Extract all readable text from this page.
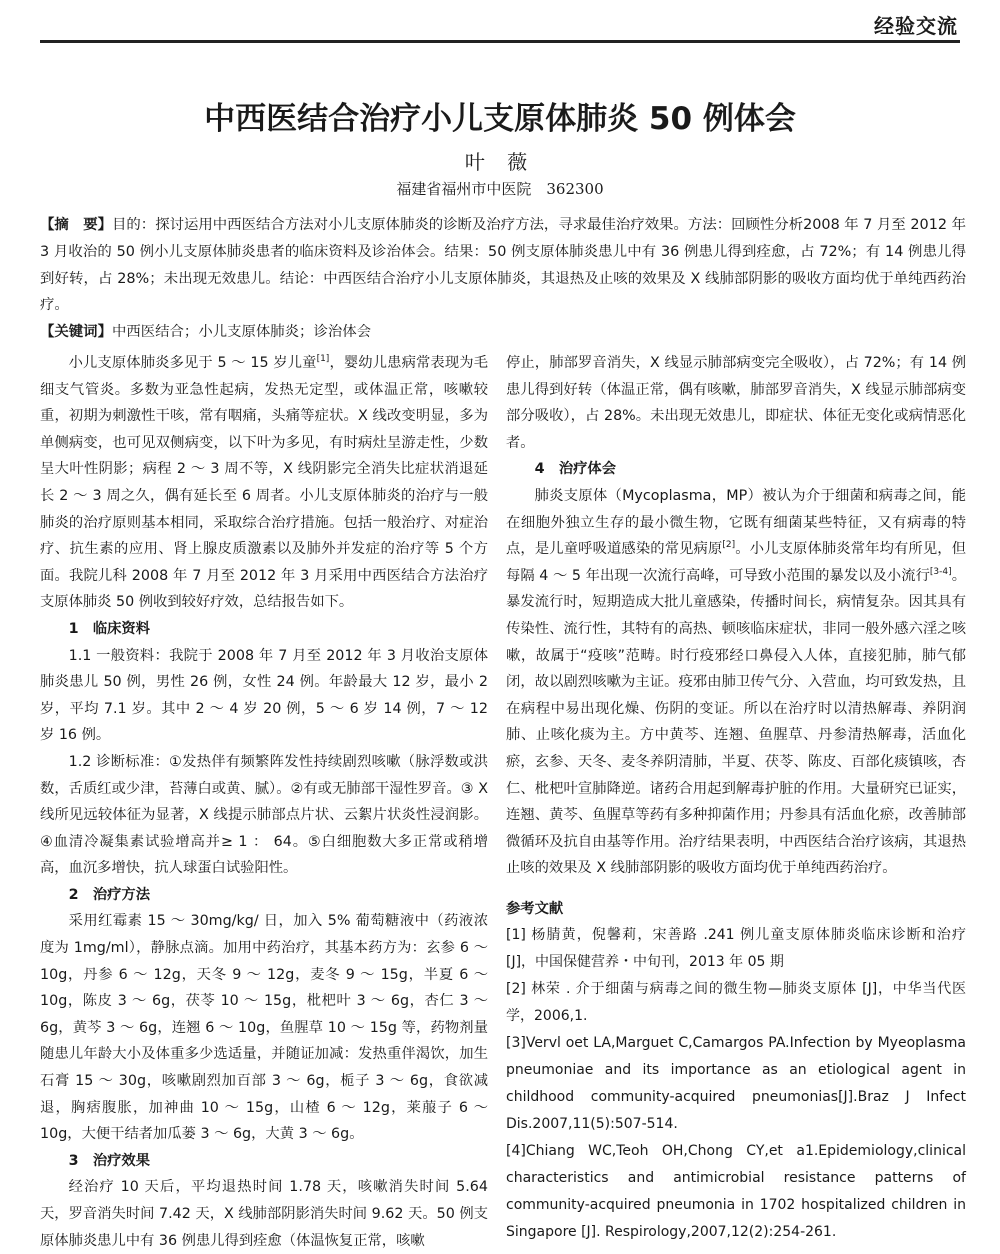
经验交流
中西医结合治疗小儿支原体肺炎 50 例体会
叶 薇
福建省福州市中医院　362300
【摘　要】目的：探讨运用中西医结合方法对小儿支原体肺炎的诊断及治疗方法，寻求最佳治疗效果。方法：回顾性分析2008 年 7 月至 2012 年 3 月收治的 50 例小儿支原体肺炎患者的临床资料及诊治体会。结果：50 例支原体肺炎患儿中有 36 例患儿得到痊愈，占 72%；有 14 例患儿得到好转，占 28%；未出现无效患儿。结论：中西医结合治疗小儿支原体肺炎，其退热及止咳的效果及 X 线肺部阴影的吸收方面均优于单纯西药治疗。
【关键词】中西医结合；小儿支原体肺炎；诊治体会

小儿支原体肺炎多见于 5 ～ 15 岁儿童[1]，婴幼儿患病常表现为毛细支气管炎。多数为亚急性起病，发热无定型，或体温正常，咳嗽较重，初期为刺激性干咳，常有咽痛，头痛等症状。X 线改变明显，多为单侧病变，也可见双侧病变，以下叶为多见，有时病灶呈游走性，少数呈大叶性阴影；病程 2 ～ 3 周不等，X 线阴影完全消失比症状消退延长 2 ～ 3 周之久，偶有延长至 6 周者。小儿支原体肺炎的治疗与一般肺炎的治疗原则基本相同，采取综合治疗措施。包括一般治疗、对症治疗、抗生素的应用、肾上腺皮质激素以及肺外并发症的治疗等 5 个方面。我院儿科 2008 年 7 月至 2012 年 3 月采用中西医结合方法治疗支原体肺炎 50 例收到较好疗效，总结报告如下。

1　临床资料

1.1 一般资料：我院于 2008 年 7 月至 2012 年 3 月收治支原体肺炎患儿 50 例，男性 26 例，女性 24 例。年龄最大 12 岁，最小 2 岁，平均 7.1 岁。其中 2 ～ 4 岁 20 例，5 ～ 6 岁 14 例，7 ～ 12 岁 16 例。

1.2 诊断标准：①发热伴有频繁阵发性持续剧烈咳嗽（脉浮数或洪数，舌质红或少津，苔薄白或黄、腻）。②有或无肺部干湿性罗音。③ X 线所见远较体征为显著，X 线提示肺部点片状、云絮片状炎性浸润影。④血清冷凝集素试验增高并≥ 1 ： 64。⑤白细胞数大多正常或稍增高，血沉多增快，抗人球蛋白试验阳性。

2　治疗方法

采用红霉素 15 ～ 30mg/kg/ 日，加入 5% 葡萄糖液中（药液浓度为 1mg/ml），静脉点滴。加用中药治疗，其基本药方为：玄参 6 ～ 10g，丹参 6 ～ 12g，天冬 9 ～ 12g，麦冬 9 ～ 15g，半夏 6 ～ 10g，陈皮 3 ～ 6g，茯苓 10 ～ 15g，枇杷叶 3 ～ 6g，杏仁 3 ～ 6g，黄芩 3 ～ 6g，连翘 6 ～ 10g，鱼腥草 10 ～ 15g 等，药物剂量随患儿年龄大小及体重多少选适量，并随证加减：发热重伴渴饮，加生石膏 15 ～ 30g，咳嗽剧烈加百部 3 ～ 6g，栀子 3 ～ 6g，食欲减退，胸痞腹胀，加神曲 10 ～ 15g，山楂 6 ～ 12g，莱菔子 6 ～ 10g，大便干结者加瓜蒌 3 ～ 6g，大黄 3 ～ 6g。

3　治疗效果

经治疗 10 天后，平均退热时间 1.78 天，咳嗽消失时间 5.64 天，罗音消失时间 7.42 天，X 线肺部阴影消失时间 9.62 天。50 例支原体肺炎患儿中有 36 例患儿得到痊愈（体温恢复正常，咳嗽

停止，肺部罗音消失，X 线显示肺部病变完全吸收），占 72%；有 14 例患儿得到好转（体温正常，偶有咳嗽，肺部罗音消失，X 线显示肺部病变部分吸收），占 28%。未出现无效患儿，即症状、体征无变化或病情恶化者。

4　治疗体会

肺炎支原体（Mycoplasma，MP）被认为介于细菌和病毒之间，能在细胞外独立生存的最小微生物，它既有细菌某些特征，又有病毒的特点，是儿童呼吸道感染的常见病原[2]。小儿支原体肺炎常年均有所见，但每隔 4 ～ 5 年出现一次流行高峰，可导致小范围的暴发以及小流行[3-4]。暴发流行时，短期造成大批儿童感染，传播时间长，病情复杂。因其具有传染性、流行性，其特有的高热、顿咳临床症状，非同一般外感六淫之咳嗽，故属于“疫咳”范畴。时行疫邪经口鼻侵入人体，直接犯肺，肺气郁闭，故以剧烈咳嗽为主证。疫邪由肺卫传气分、入营血，均可致发热，且在病程中易出现化燥、伤阴的变证。所以在治疗时以清热解毒、养阴润肺、止咳化痰为主。方中黄芩、连翘、鱼腥草、丹参清热解毒，活血化瘀，玄参、天冬、麦冬养阴清肺，半夏、茯苓、陈皮、百部化痰镇咳，杏仁、枇杷叶宣肺降逆。诸药合用起到解毒护脏的作用。大量研究已证实，连翘、黄芩、鱼腥草等药有多种抑菌作用；丹参具有活血化瘀，改善肺部微循环及抗自由基等作用。治疗结果表明，中西医结合治疗该病，其退热止咳的效果及 X 线肺部阴影的吸收方面均优于单纯西药治疗。

参考文献
[1] 杨腈黄，倪馨莉，宋善路 .241 例儿童支原体肺炎临床诊断和治疗 [J]，中国保健营养・中旬刊，2013 年 05 期
[2] 林荣 . 介于细菌与病毒之间的微生物—肺炎支原体 [J]，中华当代医学，2006,1.
[3]Vervl oet LA,Marguet C,Camargos PA.Infection by Myeoplasma pneumoniae and its importance as an etiological agent in childhood community-acquired pneumonias[J].Braz J Infect Dis.2007,11(5):507-514.
[4]Chiang WC,Teoh OH,Chong CY,et a1.Epidemiology,clinical characteristics and antimicrobial resistance patterns of community-acquired pneumonia in 1702 hospitalized children in Singapore [J]. Respirology,2007,12(2):254-261.
